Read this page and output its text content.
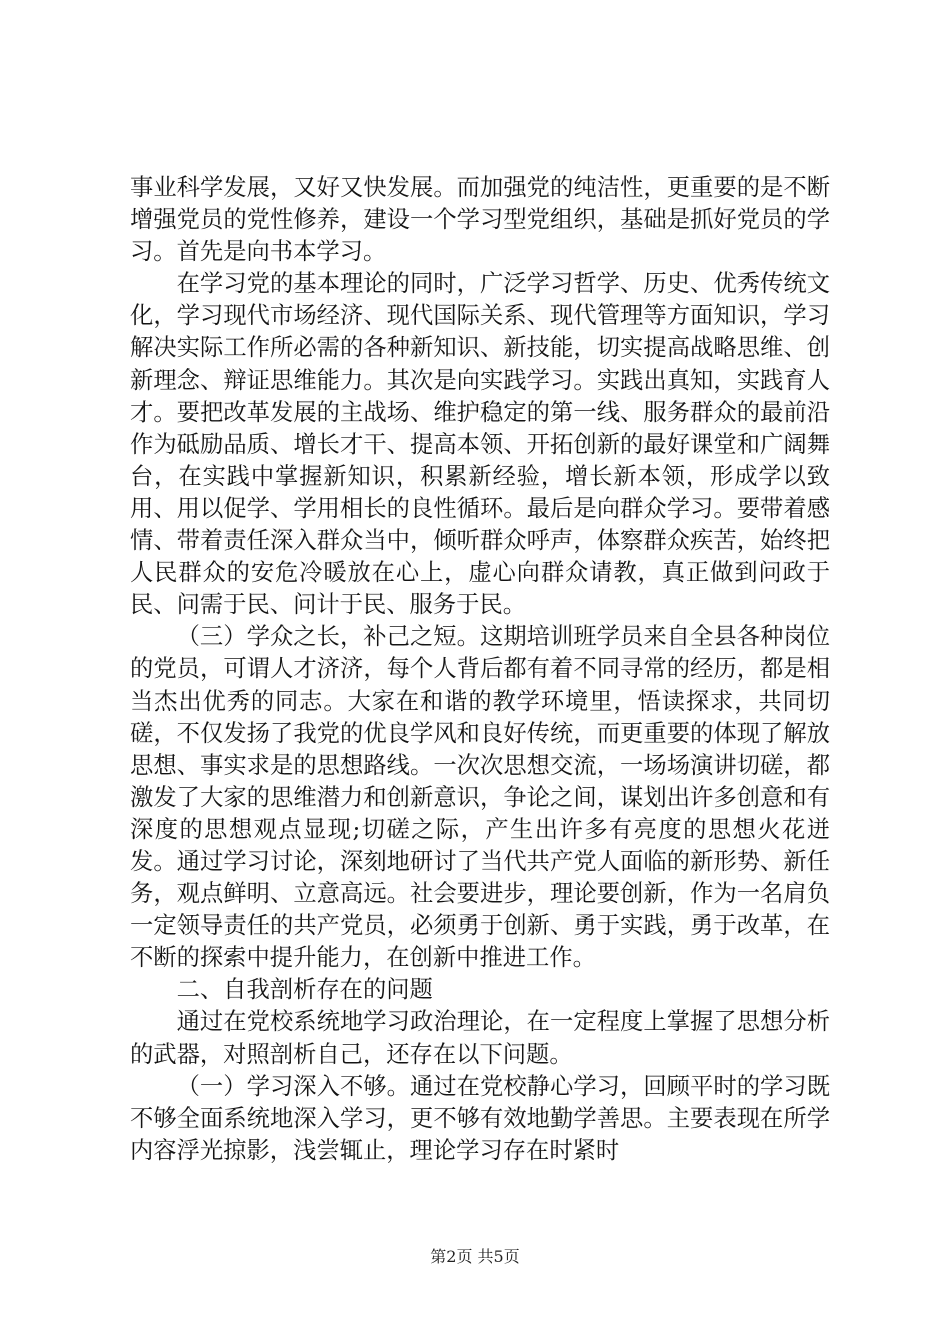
事业科学发展，又好又快发展。而加强党的纯洁性，更重要的是不断增强党员的党性修养，建设一个学习型党组织，基础是抓好党员的学习。首先是向书本学习。

在学习党的基本理论的同时，广泛学习哲学、历史、优秀传统文化，学习现代市场经济、现代国际关系、现代管理等方面知识，学习解决实际工作所必需的各种新知识、新技能，切实提高战略思维、创新理念、辩证思维能力。其次是向实践学习。实践出真知，实践育人才。要把改革发展的主战场、维护稳定的第一线、服务群众的最前沿作为砥励品质、增长才干、提高本领、开拓创新的最好课堂和广阔舞台，在实践中掌握新知识，积累新经验，增长新本领，形成学以致用、用以促学、学用相长的良性循环。最后是向群众学习。要带着感情、带着责任深入群众当中，倾听群众呼声，体察群众疾苦，始终把人民群众的安危冷暖放在心上，虚心向群众请教，真正做到问政于民、问需于民、问计于民、服务于民。

（三）学众之长，补己之短。这期培训班学员来自全县各种岗位的党员，可谓人才济济，每个人背后都有着不同寻常的经历，都是相当杰出优秀的同志。大家在和谐的教学环境里，悟读探求，共同切磋，不仅发扬了我党的优良学风和良好传统，而更重要的体现了解放思想、事实求是的思想路线。一次次思想交流，一场场演讲切磋，都激发了大家的思维潜力和创新意识，争论之间，谋划出许多创意和有深度的思想观点显现;切磋之际，产生出许多有亮度的思想火花迸发。通过学习讨论，深刻地研讨了当代共产党人面临的新形势、新任务，观点鲜明、立意高远。社会要进步，理论要创新，作为一名肩负一定领导责任的共产党员，必须勇于创新、勇于实践，勇于改革，在不断的探索中提升能力，在创新中推进工作。

二、自我剖析存在的问题

通过在党校系统地学习政治理论，在一定程度上掌握了思想分析的武器，对照剖析自己，还存在以下问题。

（一）学习深入不够。通过在党校静心学习，回顾平时的学习既不够全面系统地深入学习，更不够有效地勤学善思。主要表现在所学内容浮光掠影，浅尝辄止，理论学习存在时紧时

第2页 共5页
